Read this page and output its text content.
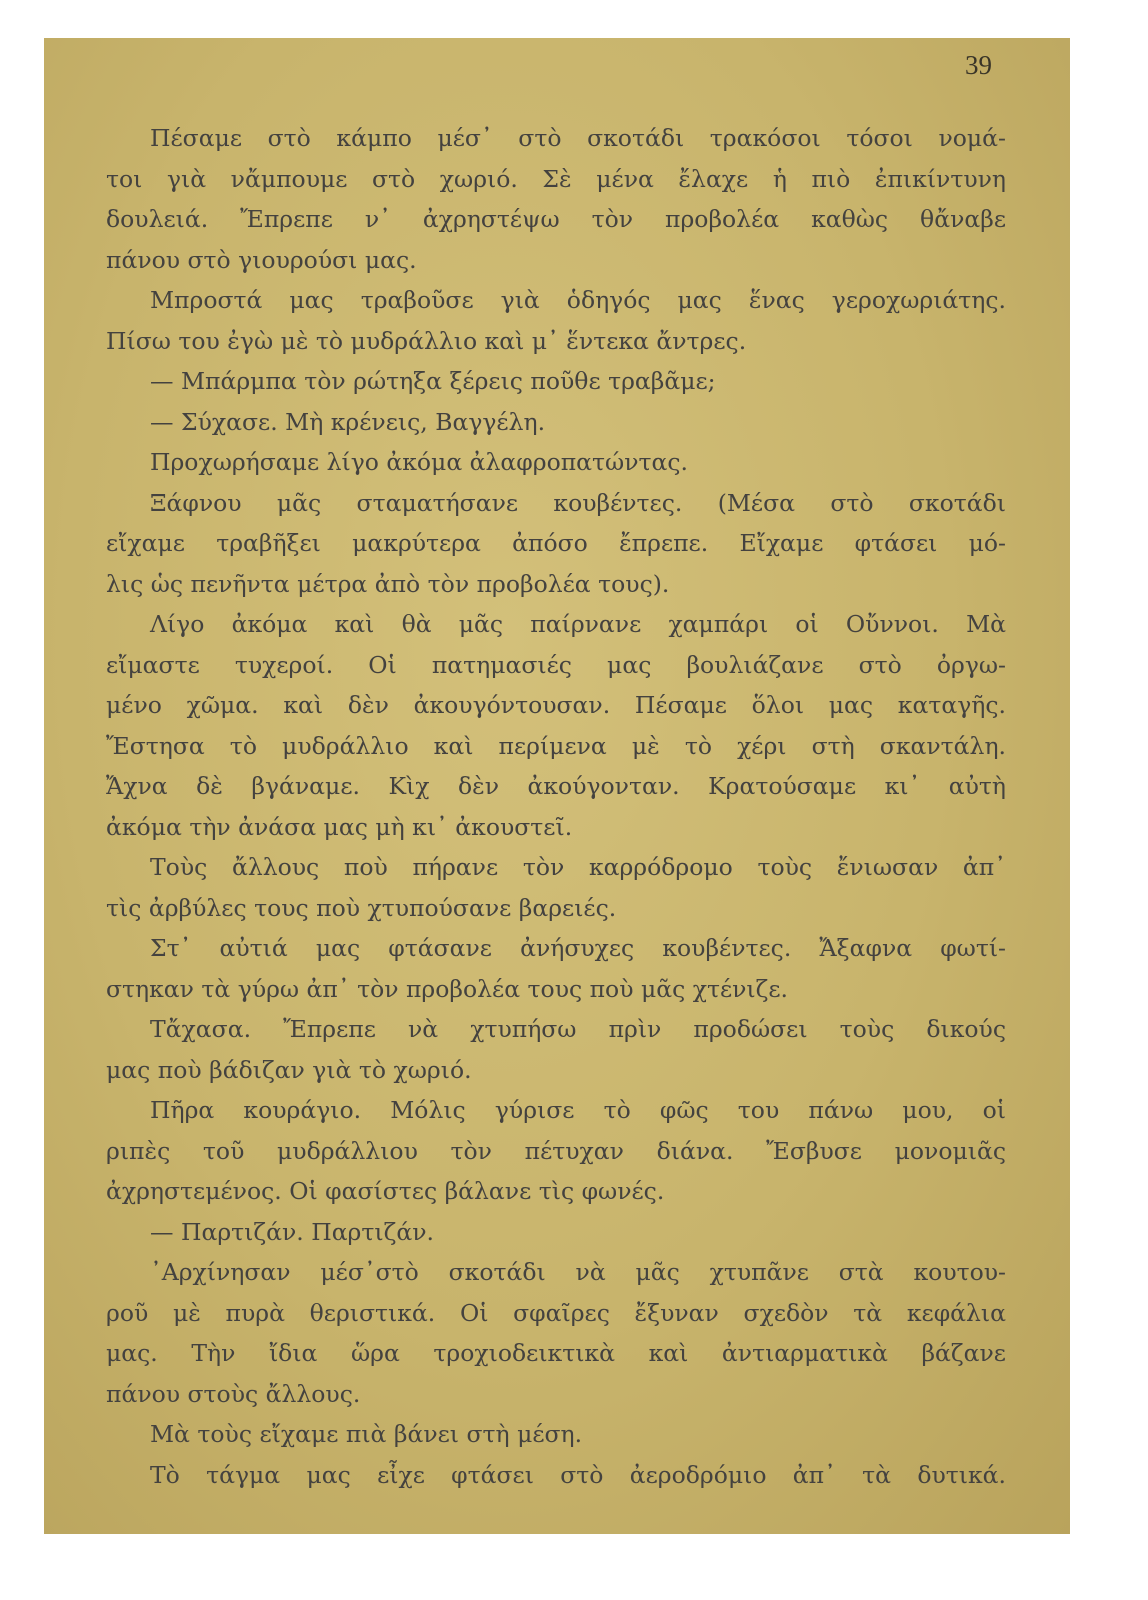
39
Πέσαμε στὸ κάμπο μέσ᾽ στὸ σκοτάδι τρακόσοι τόσοι νομά-
τοι γιὰ νἄμπουμε στὸ χωριό. Σὲ μένα ἔλαχε ἡ πιὸ ἐπικίντυνη
δουλειά. Ἔπρεπε ν᾽ ἀχρηστέψω τὸν προβολέα καθὼς θἄναβε
πάνου στὸ γιουρούσι μας.
Μπροστά μας τραβοῦσε γιὰ ὁδηγός μας ἕνας γεροχωριάτης.
Πίσω του ἐγὼ μὲ τὸ μυδράλλιο καὶ μ᾽ ἕντεκα ἄντρες.
— Μπάρμπα τὸν ρώτηξα ξέρεις ποῦθε τραβᾶμε;
— Σύχασε. Μὴ κρένεις, Βαγγέλη.
Προχωρήσαμε λίγο ἀκόμα ἀλαφροπατώντας.
Ξάφνου μᾶς σταματήσανε κουβέντες. (Μέσα στὸ σκοτάδι
εἴχαμε τραβῆξει μακρύτερα ἀπόσο ἔπρεπε. Εἴχαμε φτάσει μό-
λις ὡς πενῆντα μέτρα ἀπὸ τὸν προβολέα τους).
Λίγο ἀκόμα καὶ θὰ μᾶς παίρνανε χαμπάρι οἱ Οὔννοι. Μὰ
εἴμαστε τυχεροί. Οἱ πατημασιές μας βουλιάζανε στὸ ὀργω-
μένο χῶμα. καὶ δὲν ἀκουγόντουσαν. Πέσαμε ὅλοι μας καταγῆς.
Ἔστησα τὸ μυδράλλιο καὶ περίμενα μὲ τὸ χέρι στὴ σκαντάλη.
Ἄχνα δὲ βγάναμε. Κὶχ δὲν ἀκούγονταν. Κρατούσαμε κι᾽ αὐτὴ
ἀκόμα τὴν ἀνάσα μας μὴ κι᾽ ἀκουστεῖ.
Τοὺς ἄλλους ποὺ πήρανε τὸν καρρόδρομο τοὺς ἔνιωσαν ἀπ᾽
τὶς ἀρβύλες τους ποὺ χτυπούσανε βαρειές.
Στ᾽ αὐτιά μας φτάσανε ἀνήσυχες κουβέντες. Ἄξαφνα φωτί-
στηκαν τὰ γύρω ἀπ᾽ τὸν προβολέα τους ποὺ μᾶς χτένιζε.
Τἄχασα. Ἔπρεπε νὰ χτυπήσω πρὶν προδώσει τοὺς δικούς
μας ποὺ βάδιζαν γιὰ τὸ χωριό.
Πῆρα κουράγιο. Μόλις γύρισε τὸ φῶς του πάνω μου, οἱ
ριπὲς τοῦ μυδράλλιου τὸν πέτυχαν διάνα. Ἔσβυσε μονομιᾶς
ἀχρηστεμένος. Οἱ φασίστες βάλανε τὶς φωνές.
— Παρτιζάν. Παρτιζάν.
᾽Αρχίνησαν μέσ᾽στὸ σκοτάδι νὰ μᾶς χτυπᾶνε στὰ κουτου-
ροῦ μὲ πυρὰ θεριστικά. Οἱ σφαῖρες ἔξυναν σχεδὸν τὰ κεφάλια
μας. Τὴν ἴδια ὥρα τροχιοδεικτικὰ καὶ ἀντιαρματικὰ βάζανε
πάνου στοὺς ἄλλους.
Μὰ τοὺς εἴχαμε πιὰ βάνει στὴ μέση.
Τὸ τάγμα μας εἶχε φτάσει στὸ ἀεροδρόμιο ἀπ᾽ τὰ δυτικά.
